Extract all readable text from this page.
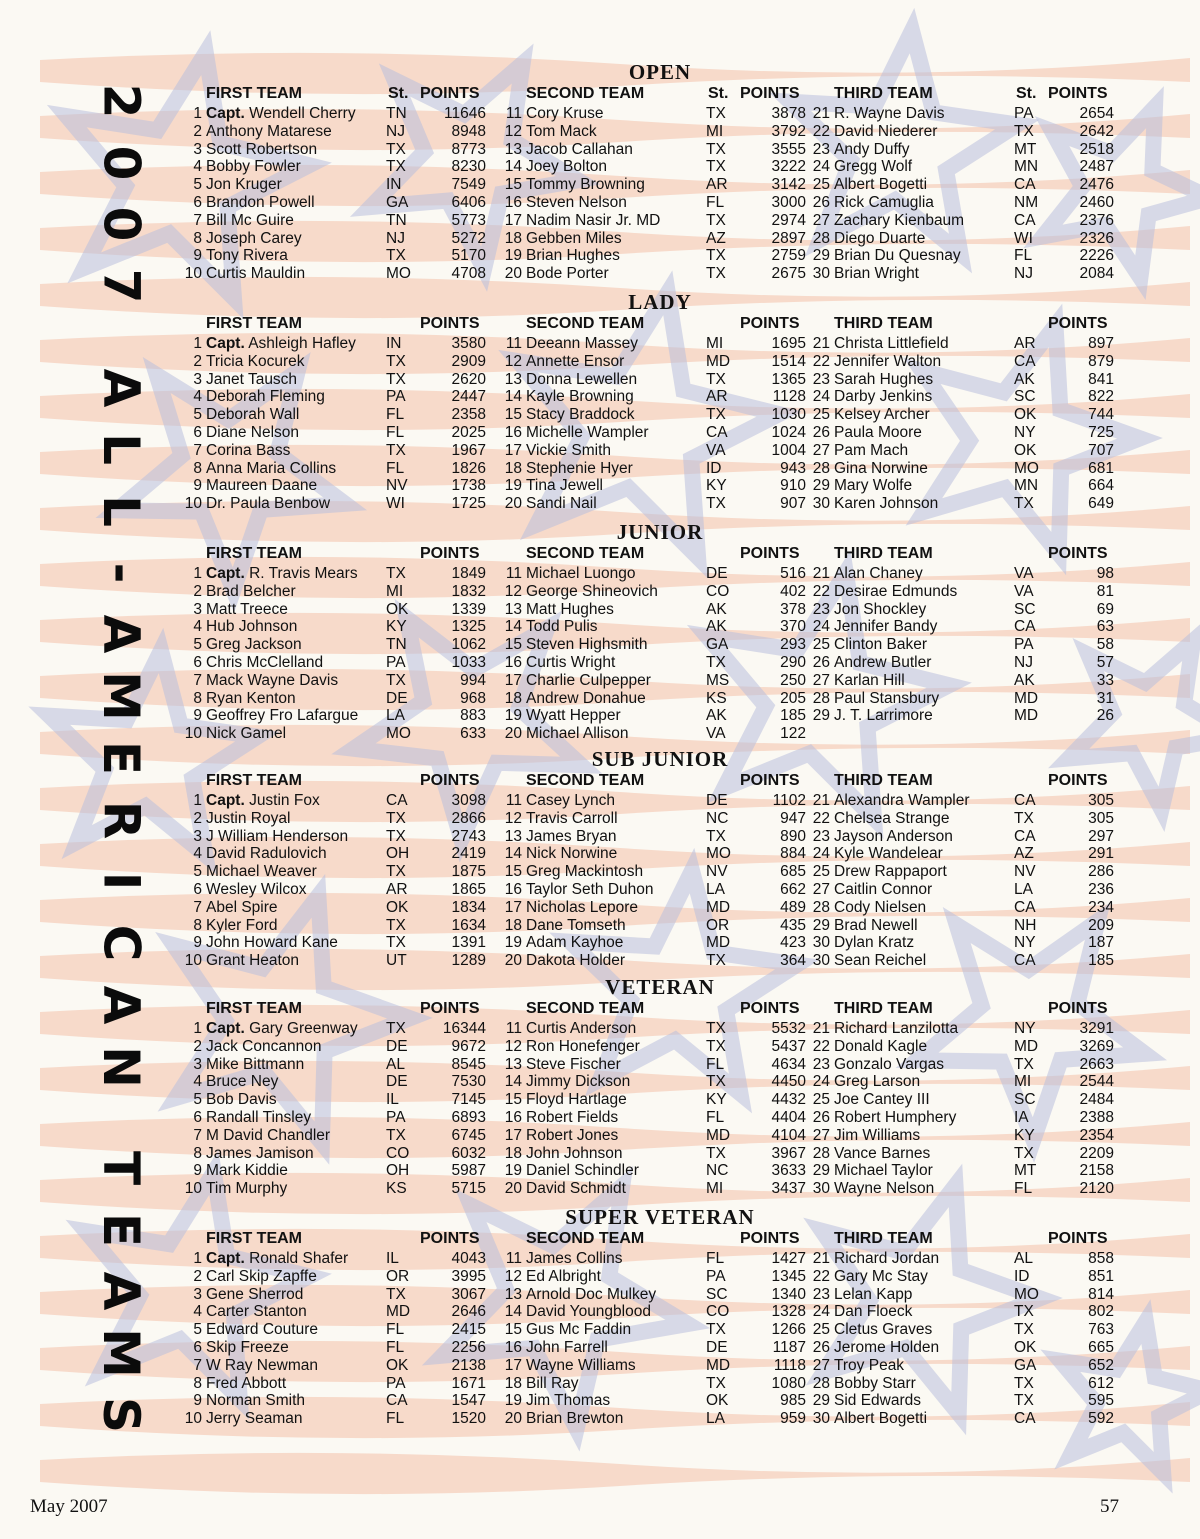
2
0
0
7
A
L
L
-
A
M
E
R
I
C
A
N
T
E
A
M
S
OPEN
FIRST TEAM	St. POINTS
1 Capt. Wendell Cherry TN 11646
2 Anthony Matarese	NJ	8948
3 Scott Robertson	TX	8773
4 Bobby Fowler	TX	8230
5 Jon Kruger	IN	7549
6 Brandon Powell	GA	6406
7 Bill Mc Guire	TN	5773
8 Joseph Carey	NJ	5272
9 Tony Rivera	TX	5170
10 Curtis Mauldin	MO	4708
SECOND TEAM	St. POINTS
11 Cory Kruse	TX	3878
12 Tom Mack	MI	3792
13 Jacob Callahan	TX	3555
14 Joey Bolton	TX	3222
15 Tommy Browning	AR	3142
16 Steven Nelson	FL	3000
17 Nadim Nasir Jr. MD	TX	2974
18 Gebben Miles	AZ	2897
19 Brian Hughes	TX	2759
20 Bode Porter	TX	2675
THIRD TEAM	St. POINTS
21 R. Wayne Davis	PA	2654
22 David Niederer	TX	2642
23 Andy Duffy	MT	2518
24 Gregg Wolf	MN	2487
25 Albert Bogetti	CA	2476
26 Rick Camuglia	NM	2460
27 Zachary Kienbaum	CA	2376
28 Diego Duarte	WI	2326
29 Brian Du Quesnay	FL	2226
30 Brian Wright	NJ	2084
LADY
FIRST TEAM	POINTS
1 Capt. Ashleigh Hafley IN	3580
2 Tricia Kocurek	TX	2909
3 Janet Tausch	TX	2620
4 Deborah Fleming	PA	2447
5 Deborah Wall	FL	2358
6 Diane Nelson	FL	2025
7 Corina Bass	TX	1967
8 Anna Maria Collins	FL	1826
9 Maureen Daane	NV	1738
10 Dr. Paula Benbow	WI	1725
SECOND TEAM	POINTS
11 Deeann Massey	MI	1695
12 Annette Ensor	MD	1514
13 Donna Lewellen	TX	1365
14 Kayle Browning	AR	1128
15 Stacy Braddock	TX	1030
16 Michelle Wampler	CA	1024
17 Vickie Smith	VA	1004
18 Stephenie Hyer	ID	943
19 Tina Jewell	KY	910
20 Sandi Nail	TX	907
THIRD TEAM	POINTS
21 Christa Littlefield	AR	897
22 Jennifer Walton	CA	879
23 Sarah Hughes	AK	841
24 Darby Jenkins	SC	822
25 Kelsey Archer	OK	744
26 Paula Moore	NY	725
27 Pam Mach	OK	707
28 Gina Norwine	MO	681
29 Mary Wolfe	MN	664
30 Karen Johnson	TX	649
JUNIOR
FIRST TEAM	POINTS
1 Capt. R. Travis Mears TX	1849
2 Brad Belcher	MI	1832
3 Matt Treece	OK	1339
4 Hub Johnson	KY	1325
5 Greg Jackson	TN	1062
6 Chris McClelland	PA	1033
7 Mack Wayne Davis	TX	994
8 Ryan Kenton	DE	968
9 Geoffrey Fro Lafargue LA	883
10 Nick Gamel	MO	633
SECOND TEAM	POINTS
11 Michael Luongo	DE	516
12 George Shineovich	CO	402
13 Matt Hughes	AK	378
14 Todd Pulis	AK	370
15 Steven Highsmith	GA	293
16 Curtis Wright	TX	290
17 Charlie Culpepper	MS	250
18 Andrew Donahue	KS	205
19 Wyatt Hepper	AK	185
20 Michael Allison	VA	122
THIRD TEAM	POINTS
21 Alan Chaney	VA	98
22 Desirae Edmunds	VA	81
23 Jon Shockley	SC	69
24 Jennifer Bandy	CA	63
25 Clinton Baker	PA	58
26 Andrew Butler	NJ	57
27 Karlan Hill	AK	33
28 Paul Stansbury	MD	31
29 J. T. Larrimore	MD	26
SUB JUNIOR
FIRST TEAM	POINTS
1 Capt. Justin Fox	CA	3098
2 Justin Royal	TX	2866
3 J William Henderson TX	2743
4 David Radulovich	OH	2419
5 Michael Weaver	TX	1875
6 Wesley Wilcox	AR	1865
7 Abel Spire	OK	1834
8 Kyler Ford	TX	1634
9 John Howard Kane	TX	1391
10 Grant Heaton	UT	1289
SECOND TEAM	POINTS
11 Casey Lynch	DE	1102
12 Travis Carroll	NC	947
13 James Bryan	TX	890
14 Nick Norwine	MO	884
15 Greg Mackintosh	NV	685
16 Taylor Seth Duhon	LA	662
17 Nicholas Lepore	MD	489
18 Dane Tomseth	OR	435
19 Adam Kayhoe	MD	423
20 Dakota Holder	TX	364
THIRD TEAM	POINTS
21 Alexandra Wampler	CA	305
22 Chelsea Strange	TX	305
23 Jayson Anderson	CA	297
24 Kyle Wandelear	AZ	291
25 Drew Rappaport	NV	286
27 Caitlin Connor	LA	236
28 Cody Nielsen	CA	234
29 Brad Newell	NH	209
30 Dylan Kratz	NY	187
30 Sean Reichel	CA	185
VETERAN
FIRST TEAM	POINTS
1 Capt. Gary Greenway TX 16344
2 Jack Concannon	DE	9672
3 Mike Bittmann	AL	8545
4 Bruce Ney	DE	7530
5 Bob Davis	IL	7145
6 Randall Tinsley	PA	6893
7 M David Chandler	TX	6745
8 James Jamison	CO	6032
9 Mark Kiddie	OH	5987
10 Tim Murphy	KS	5715
SECOND TEAM	POINTS
11 Curtis Anderson	TX	5532
12 Ron Honefenger	TX	5437
13 Steve Fischer	FL	4634
14 Jimmy Dickson	TX	4450
15 Floyd Hartlage	KY	4432
16 Robert Fields	FL	4404
17 Robert Jones	MD	4104
18 John Johnson	TX	3967
19 Daniel Schindler	NC	3633
20 David Schmidt	MI	3437
THIRD TEAM	POINTS
21 Richard Lanzilotta	NY	3291
22 Donald Kagle	MD	3269
23 Gonzalo Vargas	TX	2663
24 Greg Larson	MI	2544
25 Joe Cantey III	SC	2484
26 Robert Humphery	IA	2388
27 Jim Williams	KY	2354
28 Vance Barnes	TX	2209
29 Michael Taylor	MT	2158
30 Wayne Nelson	FL	2120
SUPER VETERAN
FIRST TEAM	POINTS
1 Capt. Ronald Shafer IL	4043
2 Carl Skip Zapffe	OR	3995
3 Gene Sherrod	TX	3067
4 Carter Stanton	MD	2646
5 Edward Couture	FL	2415
6 Skip Freeze	FL	2256
7 W Ray Newman	OK	2138
8 Fred Abbott	PA	1671
9 Norman Smith	CA	1547
10 Jerry Seaman	FL	1520
SECOND TEAM	POINTS
11 James Collins	FL	1427
12 Ed Albright	PA	1345
13 Arnold Doc Mulkey	SC	1340
14 David Youngblood	CO	1328
15 Gus Mc Faddin	TX	1266
16 John Farrell	DE	1187
17 Wayne Williams	MD	1118
18 Bill Ray	TX	1080
19 Jim Thomas	OK	985
20 Brian Brewton	LA	959
THIRD TEAM	POINTS
21 Richard Jordan	AL	858
22 Gary Mc Stay	ID	851
23 Lelan Kapp	MO	814
24 Dan Floeck	TX	802
25 Cletus Graves	TX	763
26 Jerome Holden	OK	665
27 Troy Peak	GA	652
28 Bobby Starr	TX	612
29 Sid Edwards	TX	595
30 Albert Bogetti	CA	592
May 2007	57
